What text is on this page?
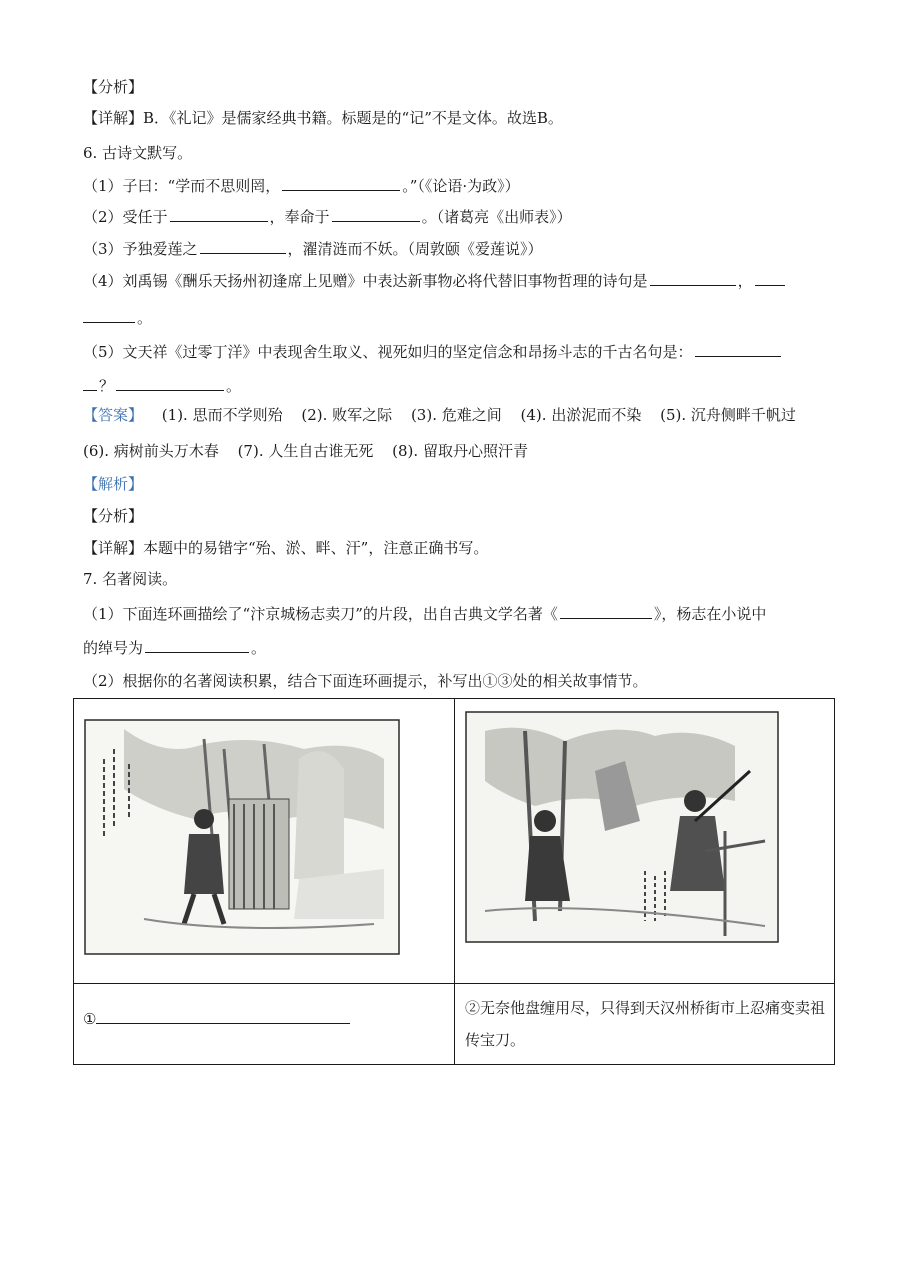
【分析】
【详解】B．《礼记》是儒家经典书籍。标题是的“记”不是文体。故选B。
6. 古诗文默写。
（1）子曰：“学而不思则罔，	。”（《论语·为政》）
（2）受任于	，奉命于	。（诸葛亮《出师表》）
（3）予独爱莲之	，濯清涟而不妖。（周敦颐《爱莲说》）
（4）刘禹锡《酬乐天扬州初逢席上见赠》中表达新事物必将代替旧事物哲理的诗句是	，
。
（5）文天祥《过零丁洋》中表现舍生取义、视死如归的坚定信念和昂扬斗志的千古名句是：
？	。
【答案】 (1). 思而不学则殆 (2). 败军之际 (3). 危难之间 (4). 出淤泥而不染 (5). 沉舟侧畔千帆过
(6). 病树前头万木春 (7). 人生自古谁无死 (8). 留取丹心照汗青
【解析】
【分析】
【详解】本题中的易错字“殆、淤、畔、汗”，注意正确书写。
7. 名著阅读。
（1）下面连环画描绘了“汴京城杨志卖刀”的片段，出自古典文学名著《	》，杨志在小说中
的绰号为	。
（2）根据你的名著阅读积累，结合下面连环画提示，补写出①③处的相关故事情节。

①	②无奈他盘缠用尽，只得到天汉州桥街市上忍痛变卖祖传宝刀。
